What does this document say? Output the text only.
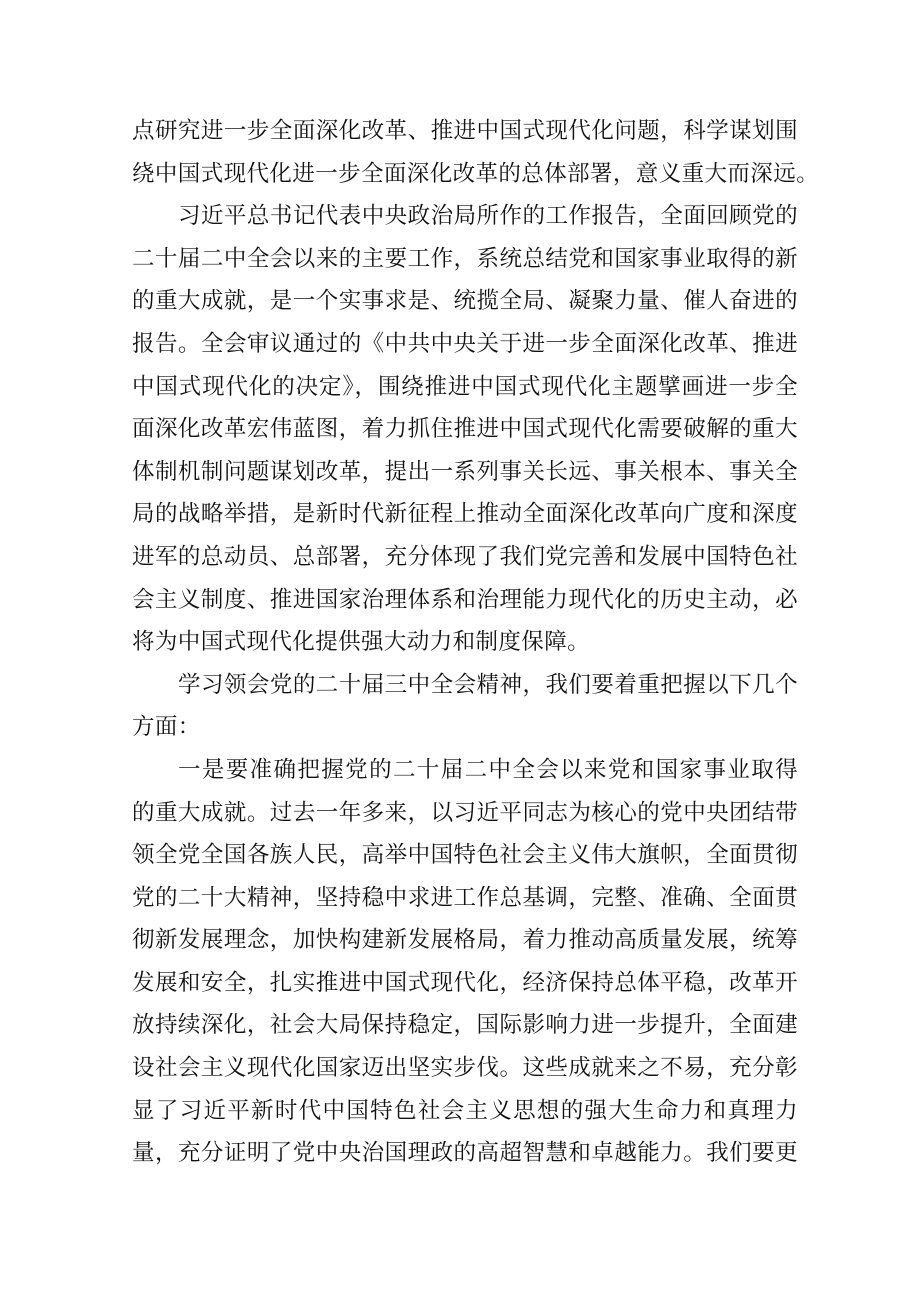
点研究进一步全面深化改革、推进中国式现代化问题，科学谋划围
绕中国式现代化进一步全面深化改革的总体部署，意义重大而深远。
习近平总书记代表中央政治局所作的工作报告，全面回顾党的
二十届二中全会以来的主要工作，系统总结党和国家事业取得的新
的重大成就，是一个实事求是、统揽全局、凝聚力量、催人奋进的
报告。全会审议通过的《中共中央关于进一步全面深化改革、推进
中国式现代化的决定》，围绕推进中国式现代化主题擘画进一步全
面深化改革宏伟蓝图，着力抓住推进中国式现代化需要破解的重大
体制机制问题谋划改革，提出一系列事关长远、事关根本、事关全
局的战略举措，是新时代新征程上推动全面深化改革向广度和深度
进军的总动员、总部署，充分体现了我们党完善和发展中国特色社
会主义制度、推进国家治理体系和治理能力现代化的历史主动，必
将为中国式现代化提供强大动力和制度保障。
学习领会党的二十届三中全会精神，我们要着重把握以下几个
方面：
一是要准确把握党的二十届二中全会以来党和国家事业取得
的重大成就。过去一年多来，以习近平同志为核心的党中央团结带
领全党全国各族人民，高举中国特色社会主义伟大旗帜，全面贯彻
党的二十大精神，坚持稳中求进工作总基调，完整、准确、全面贯
彻新发展理念，加快构建新发展格局，着力推动高质量发展，统筹
发展和安全，扎实推进中国式现代化，经济保持总体平稳，改革开
放持续深化，社会大局保持稳定，国际影响力进一步提升，全面建
设社会主义现代化国家迈出坚实步伐。这些成就来之不易，充分彰
显了习近平新时代中国特色社会主义思想的强大生命力和真理力
量，充分证明了党中央治国理政的高超智慧和卓越能力。我们要更
